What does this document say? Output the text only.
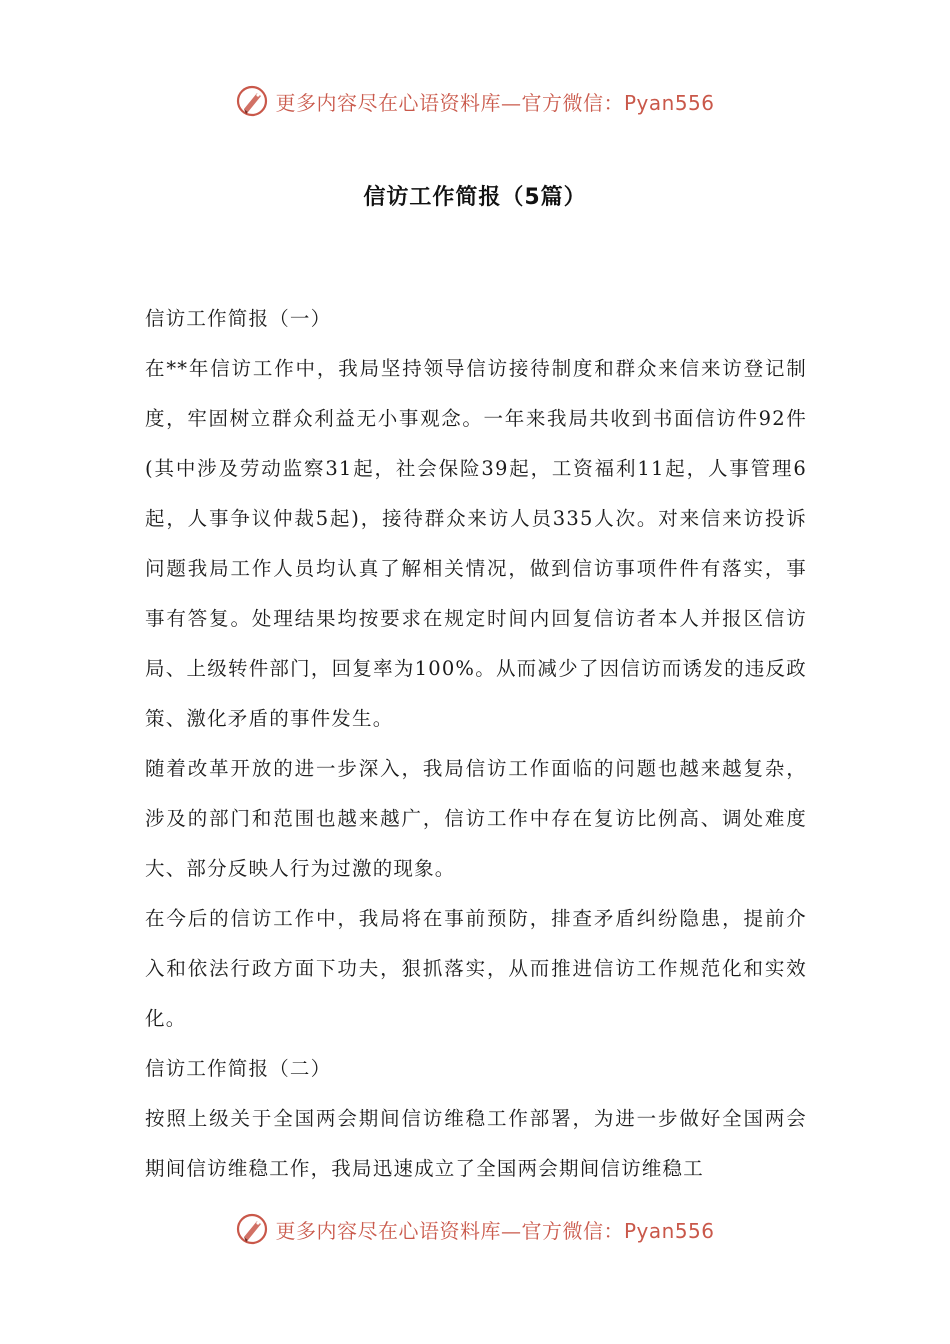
更多内容尽在心语资料库—官方微信：Pyan556
信访工作简报（5篇）

信访工作简报（一）

在**年信访工作中，我局坚持领导信访接待制度和群众来信来访登记制度，牢固树立群众利益无小事观念。一年来我局共收到书面信访件92件(其中涉及劳动监察31起，社会保险39起，工资福利11起，人事管理6起，人事争议仲裁5起)，接待群众来访人员335人次。对来信来访投诉问题我局工作人员均认真了解相关情况，做到信访事项件件有落实，事事有答复。处理结果均按要求在规定时间内回复信访者本人并报区信访局、上级转件部门，回复率为100%。从而减少了因信访而诱发的违反政策、激化矛盾的事件发生。

随着改革开放的进一步深入，我局信访工作面临的问题也越来越复杂，涉及的部门和范围也越来越广，信访工作中存在复访比例高、调处难度大、部分反映人行为过激的现象。

在今后的信访工作中，我局将在事前预防，排查矛盾纠纷隐患，提前介入和依法行政方面下功夫，狠抓落实，从而推进信访工作规范化和实效化。

信访工作简报（二）

按照上级关于全国两会期间信访维稳工作部署，为进一步做好全国两会期间信访维稳工作，我局迅速成立了全国两会期间信访维稳工

更多内容尽在心语资料库—官方微信：Pyan556
